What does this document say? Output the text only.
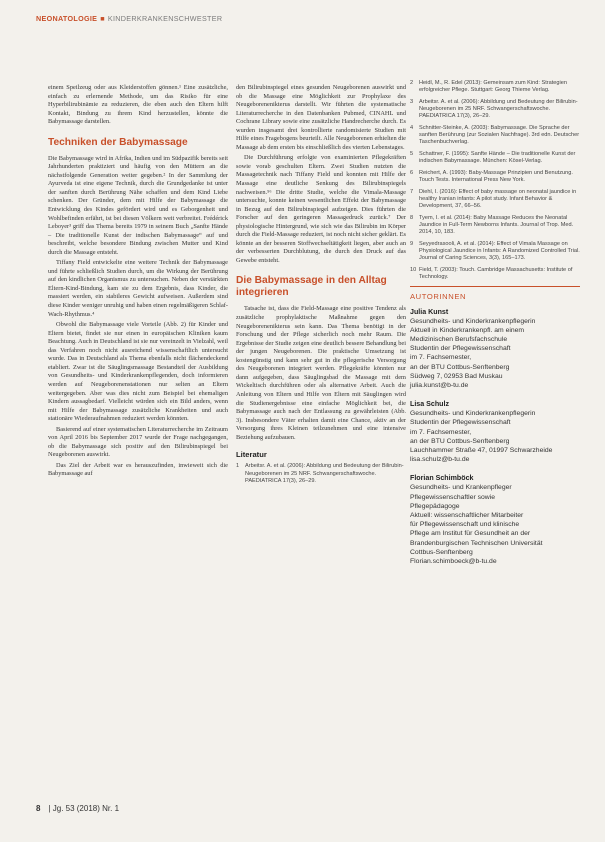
NEONATOLOGIE ■ KINDERKRANKENSCHWESTER

einem Speilzeug oder aus Kleiderstoffen gönnen.¹ Eine zusätzliche, einfach zu erlernende Methode, um das Risiko für eine Hyperbilirubinämie zu reduzieren, die eben auch den Eltern hilft Kontakt, Bindung zu ihrem Kind herzustellen, könnte die Babymassage darstellen.

Techniken der Babymassage

Die Babymassage wird in Afrika, Indien und im Südpazifik bereits seit Jahrhunderten praktiziert und häufig von den Müttern an die nächstfolgende Generation weiter gegeben.² In der Sammlung der Ayurveda ist eine eigene Technik, durch die Grundgedanke ist unter der sanften durch Berührung Nähe schaffen und dem Kind Liebe schenken. Der Gründer, dem mit Hilfe der Babymassage die Entwicklung des Kindes gefördert wird und es Geborgenheit und Wohlbefinden erfährt, ist bei diesen Völkern weit verbreitet. Frédérick Leboyer³ griff das Thema bereits 1979 in seinem Buch „Sanfte Hände – Die traditionelle Kunst der indischen Babymassage“ auf und beschreibt, welche besondere Bindung zwischen Mutter und Kind durch die Massage entsteht.

Tiffany Field entwickelte eine weitere Technik der Babymassage und führte schließlich Studien durch, um die Wirkung der Berührung auf den kindlichen Organismus zu untersuchen. Neben der verstärkten Eltern-Kind-Bindung, kam sie zu dem Ergebnis, dass Kinder, die massiert werden, ein stabileres Gewicht aufweisen. Außerdem sind diese Kinder weniger unruhig und haben einen regelmäßigeren Schlaf-Wach-Rhythmus.⁴

Obwohl die Babymassage viele Vorteile (Abb. 2) für Kinder und Eltern bietet, findet sie nur einen in europäischen Kliniken kaum Beachtung. Auch in Deutschland ist sie nur vereinzelt in Vielzahl, weil das Verfahren noch nicht ausreichend wissenschaftlich untersucht wurde. Das in Deutschland als Thema ebenfalls nicht flächendeckend etabliert. Zwar ist die Säuglingsmassage Bestandteil der Ausbildung von Gesundheits- und Kinderkrankenpflegenden, doch informieren werden auf Neugeborenenstationen nur selten an Eltern weitergegeben. Aber was dies nicht zum Beispiel bei ehemaligen Kindern aussagbedarf. Vielleicht würden sich ein Bild anders, wenn mit Hilfe der Babymassage zusätzliche Krankheiten und auch stationäre Wiederaufnahmen reduziert werden könnten.

Basierend auf einer systematischen Literaturrecherche im Zeitraum von April 2016 bis September 2017 wurde der Frage nachgegangen, ob die Babymassage sich positiv auf den Bilirubinspiegel bei Neugeborenen auswirkt.

Das Ziel der Arbeit war es herauszufinden, inwieweit sich die Babymassage auf

den Bilirubinspiegel eines gesunden Neugeborenen auswirkt und ob die Massage eine Möglichkeit zur Prophylaxe des Neugeborenenikterus darstellt. Wir führten die systematische Literaturrecherche in den Datenbanken Pubmed, CINAHL und Cochrane Library sowie eine zusätzliche Handrecherche durch. Es wurden insgesamt drei kontrollierte randomisierte Studien mit Hilfe eines Fragebogens beurteilt. Alle Neugeborenen erhielten die Massage ab dem ersten bis einschließlich des vierten Lebenstages.

Die Durchführung erfolgte von examinierten Pflegekräften sowie vorab geschulten Eltern. Zwei Studien nutzten die Massagetechnik nach Tiffany Field und konnten mit Hilfe der Massage eine deutliche Senkung des Bilirubinspiegels nachweisen.⁵⁶ Die dritte Studie, welche die Vimala-Massage untersuchte, konnte keinen wesentlichen Effekt der Babymassage in Bezug auf den Bilirubinspiegel aufzeigen. Dies führten die Forscher auf den geringeren Massagedruck zurück.⁷ Der physiologische Hintergrund, wie sich wie das Bilirubin im Körper durch die Field-Massage reduziert, ist noch nicht sicher geklärt. Es könnte an der besseren Stoffwechseltätigkeit liegen, aber auch an der verbesserten Durchblutung, die durch den Druck auf das Gewebe entsteht.

Die Babymassage in den Alltag integrieren

Tatsache ist, dass die Field-Massage eine positive Tendenz als zusätzliche prophylaktische Maßnahme gegen den Neugeborenenikterus sein kann. Das Thema benötigt in der Forschung und der Pflege sicherlich noch mehr Raum. Die Ergebnisse der Studie zeigen eine deutlich bessere Behandlung bei der jungen Neugeborenen. Die praktische Umsetzung ist kostengünstig und kann sehr gut in die pflegerische Versorgung des Neugeborenen integriert werden. Pflegekräfte könnten nur dann aufgegeben, dass Säuglingsbad die Massage mit dem Wickeltisch durchführen oder als alternative Arbeit. Auch die Anleitung von Eltern und Hilfe von Eltern mit Säuglingen wird die Studienergebnisse eine einfache Möglichkeit bei, die Babymassage auch nach der Entlassung zu gewährleisten (Abb. 3). Insbesondere Väter erhalten damit eine Chance, aktiv an der Versorgung ihres Kleinen teilzunehmen und eine intensive Beziehung aufzubauen.

Literatur
1	Arbeitsr. A. et al. (2006): Abbildung und Bedeutung der Bilirubin-Neugeborenen im 25 NRF. Schwangerschaftswoche. PAEDIATRICA 17(3), 26–29.
2	Heidl, M., R. Edel (2013): Gemeinsam zum Kind: Strategien erfolgreicher Pflege. Stuttgart: Georg Thieme Verlag.
3	Arbeitsr. A. et al. (2006): Abbildung und Bedeutung der Bilirubin-Neugeborenen im 25 NRF. Schwangerschaftswoche. PAEDIATRICA 17(3), 26–29.
4	Schnitter-Steinke, A. (2003): Babymassage. Die Sprache der sanften Berührung (zur Sozialen Nachfrage). 3rd edn. Deutscher Taschenbuchverlag.
5	Schattner, F. (1995): Sanfte Hände – Die traditionelle Kunst der indischen Babymassage. München: Kösel-Verlag.
6	Reichert, A. (1993): Baby-Massage Prinzipien und Benutzung. Touch Tests. International Press New York.
7	Diehl, I. (2016): Effect of baby massage on neonatal jaundice in healthy Iranian infants: A pilot study. Infant Behavior & Development, 37, 66–56.
8	Tyem, I. et al. (2014): Baby Massage Reduces the Neonatal Jaundice in Full-Term Newborns Infants. Journal of Trop. Med. 2014, 10, 183.
9	Seyyedrasooli, A. et al. (2014): Effect of Vimala Massage on Physiological Jaundice in Infants: A Randomized Controlled Trial. Journal of Caring Sciences, 3(3), 165–173.
10 Field, T. (2003): Touch. Cambridge Massachusetts: Institute of Technology.
AUTORINNEN
Julia Kunst
Gesundheits- und Kinderkrankenpflegerin
Aktuell in Kinderkrankenpfl. am einem
Medizinischen Berufsfachschule
Studentin der Pflegewissenschaft
im 7. Fachsemester,
an der BTU Cottbus-Senftenberg
Südweg 7, 02953 Bad Muskau
julia.kunst@b-tu.de
Lisa Schulz
Gesundheits- und Kinderkrankenpflegerin
Studentin der Pflegewissenschaft
im 7. Fachsemester,
an der BTU Cottbus-Senftenberg
Lauchhammer Straße 47, 01997 Schwarzheide
lisa.schulz@b-tu.de
Florian Schimböck
Gesundheits- und Krankenpfleger
Pflegewissenschaftler sowie
Pflegepädagoge
Aktuell: wissenschaftlicher Mitarbeiter
für Pflegewissenschaft und klinische
Pflege am Institut für Gesundheit an der
Brandenburgischen Technischen Universität
Cottbus-Senftenberg
Florian.schimboeck@b-tu.de
8 | Jg. 53 (2018) Nr. 1
